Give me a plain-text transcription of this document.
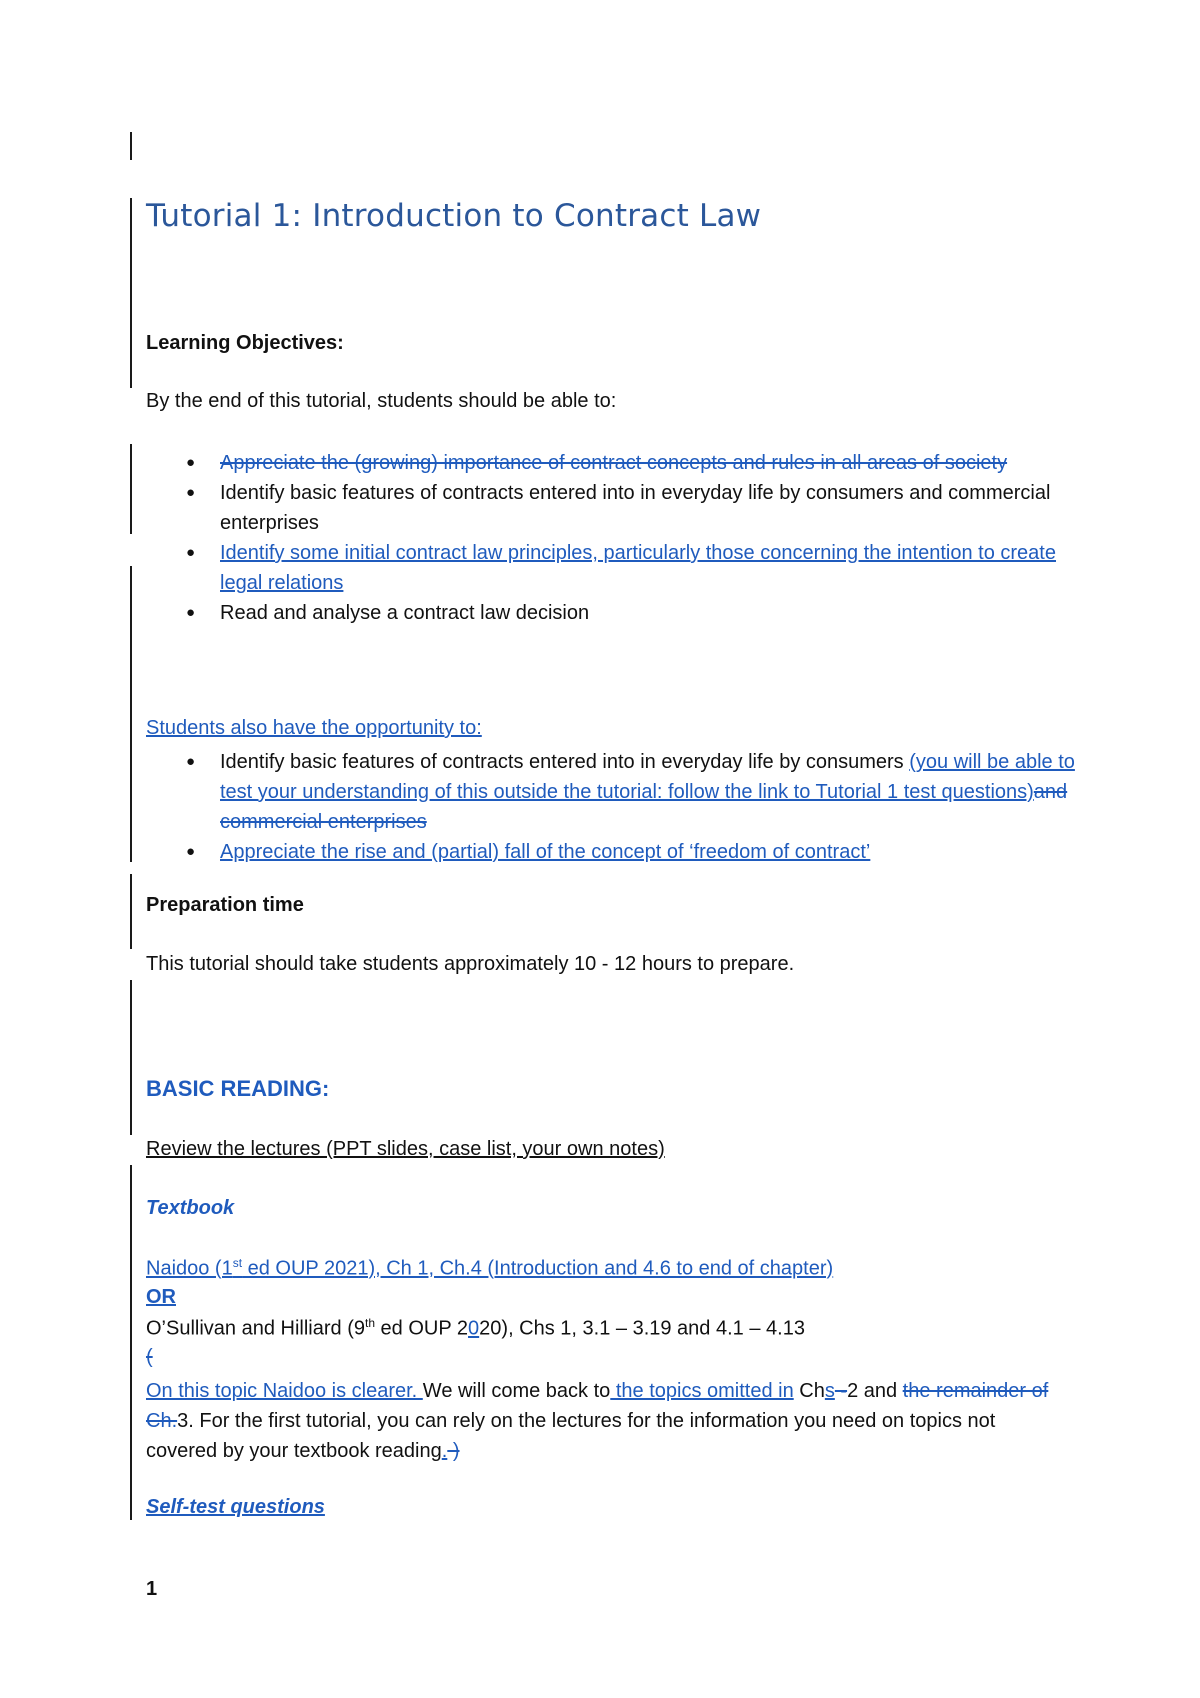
Tutorial 1: Introduction to Contract Law
Learning Objectives:
By the end of this tutorial, students should be able to:
● Appreciate the (growing) importance of contract concepts and rules in all areas of society
● Identify basic features of contracts entered into in everyday life by consumers and commercial enterprises
● Identify some initial contract law principles, particularly those concerning the intention to create legal relations
● Read and analyse a contract law decision
Students also have the opportunity to:
● Identify basic features of contracts entered into in everyday life by consumers (you will be able to test your understanding of this outside the tutorial: follow the link to Tutorial 1 test questions)and commercial enterprises
● Appreciate the rise and (partial) fall of the concept of ‘freedom of contract’
Preparation time
This tutorial should take students approximately 10 - 12 hours to prepare.
BASIC READING:
Review the lectures (PPT slides, case list, your own notes)
Textbook
Naidoo (1st ed OUP 2021), Ch 1, Ch.4 (Introduction and 4.6 to end of chapter)
OR
O’Sullivan and Hilliard (9th ed OUP 2020), Chs 1, 3.1 – 3.19 and 4.1 – 4.13
(
On this topic Naidoo is clearer. We will come back to the topics omitted in Chs -2 and the remainder of Ch.3. For the first tutorial, you can rely on the lectures for the information you need on topics not covered by your textbook reading. )
Self-test questions
1
